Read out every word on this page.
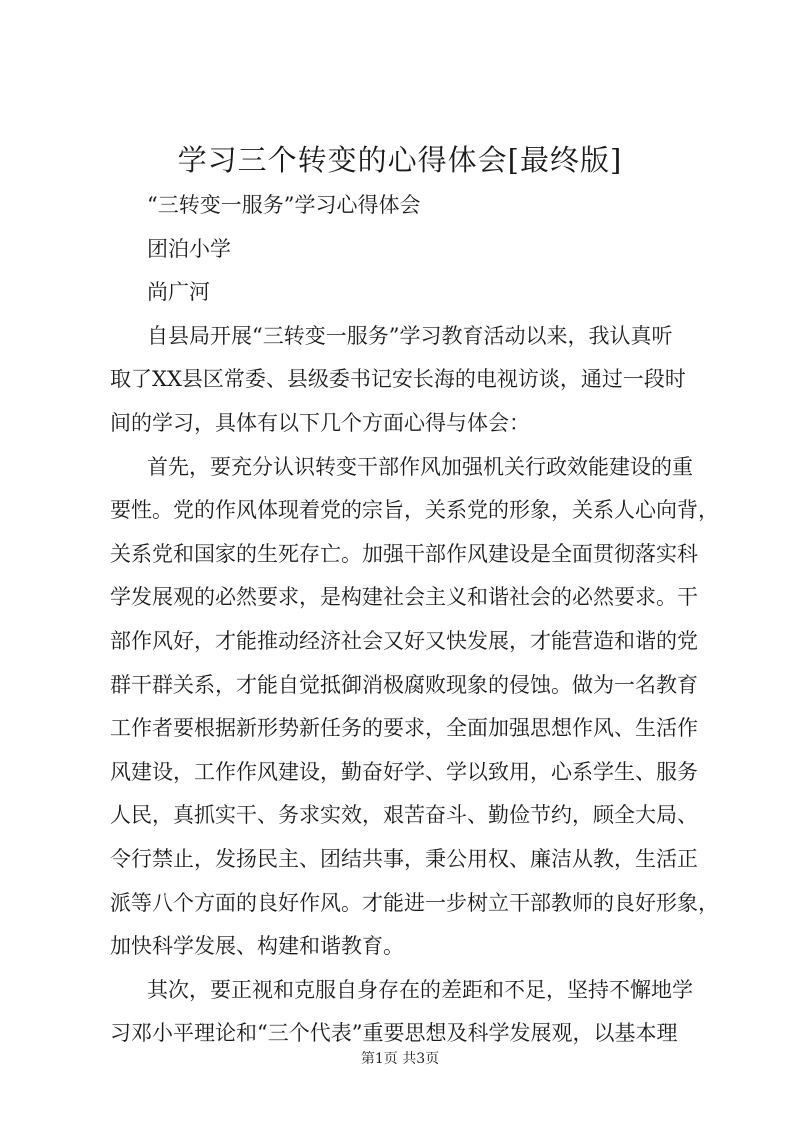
学习三个转变的心得体会[最终版]
“三转变一服务”学习心得体会
团泊小学
尚广河
自县局开展“三转变一服务”学习教育活动以来，我认真听
取了XX县区常委、县级委书记安长海的电视访谈，通过一段时
间的学习，具体有以下几个方面心得与体会：
首先，要充分认识转变干部作风加强机关行政效能建设的重
要性。党的作风体现着党的宗旨，关系党的形象，关系人心向背，
关系党和国家的生死存亡。加强干部作风建设是全面贯彻落实科
学发展观的必然要求，是构建社会主义和谐社会的必然要求。干
部作风好，才能推动经济社会又好又快发展，才能营造和谐的党
群干群关系，才能自觉抵御消极腐败现象的侵蚀。做为一名教育
工作者要根据新形势新任务的要求，全面加强思想作风、生活作
风建设，工作作风建设，勤奋好学、学以致用，心系学生、服务
人民，真抓实干、务求实效，艰苦奋斗、勤俭节约，顾全大局、
令行禁止，发扬民主、团结共事，秉公用权、廉洁从教，生活正
派等八个方面的良好作风。才能进一步树立干部教师的良好形象，
加快科学发展、构建和谐教育。
其次，要正视和克服自身存在的差距和不足，坚持不懈地学
习邓小平理论和“三个代表”重要思想及科学发展观，以基本理
第1页 共3页
